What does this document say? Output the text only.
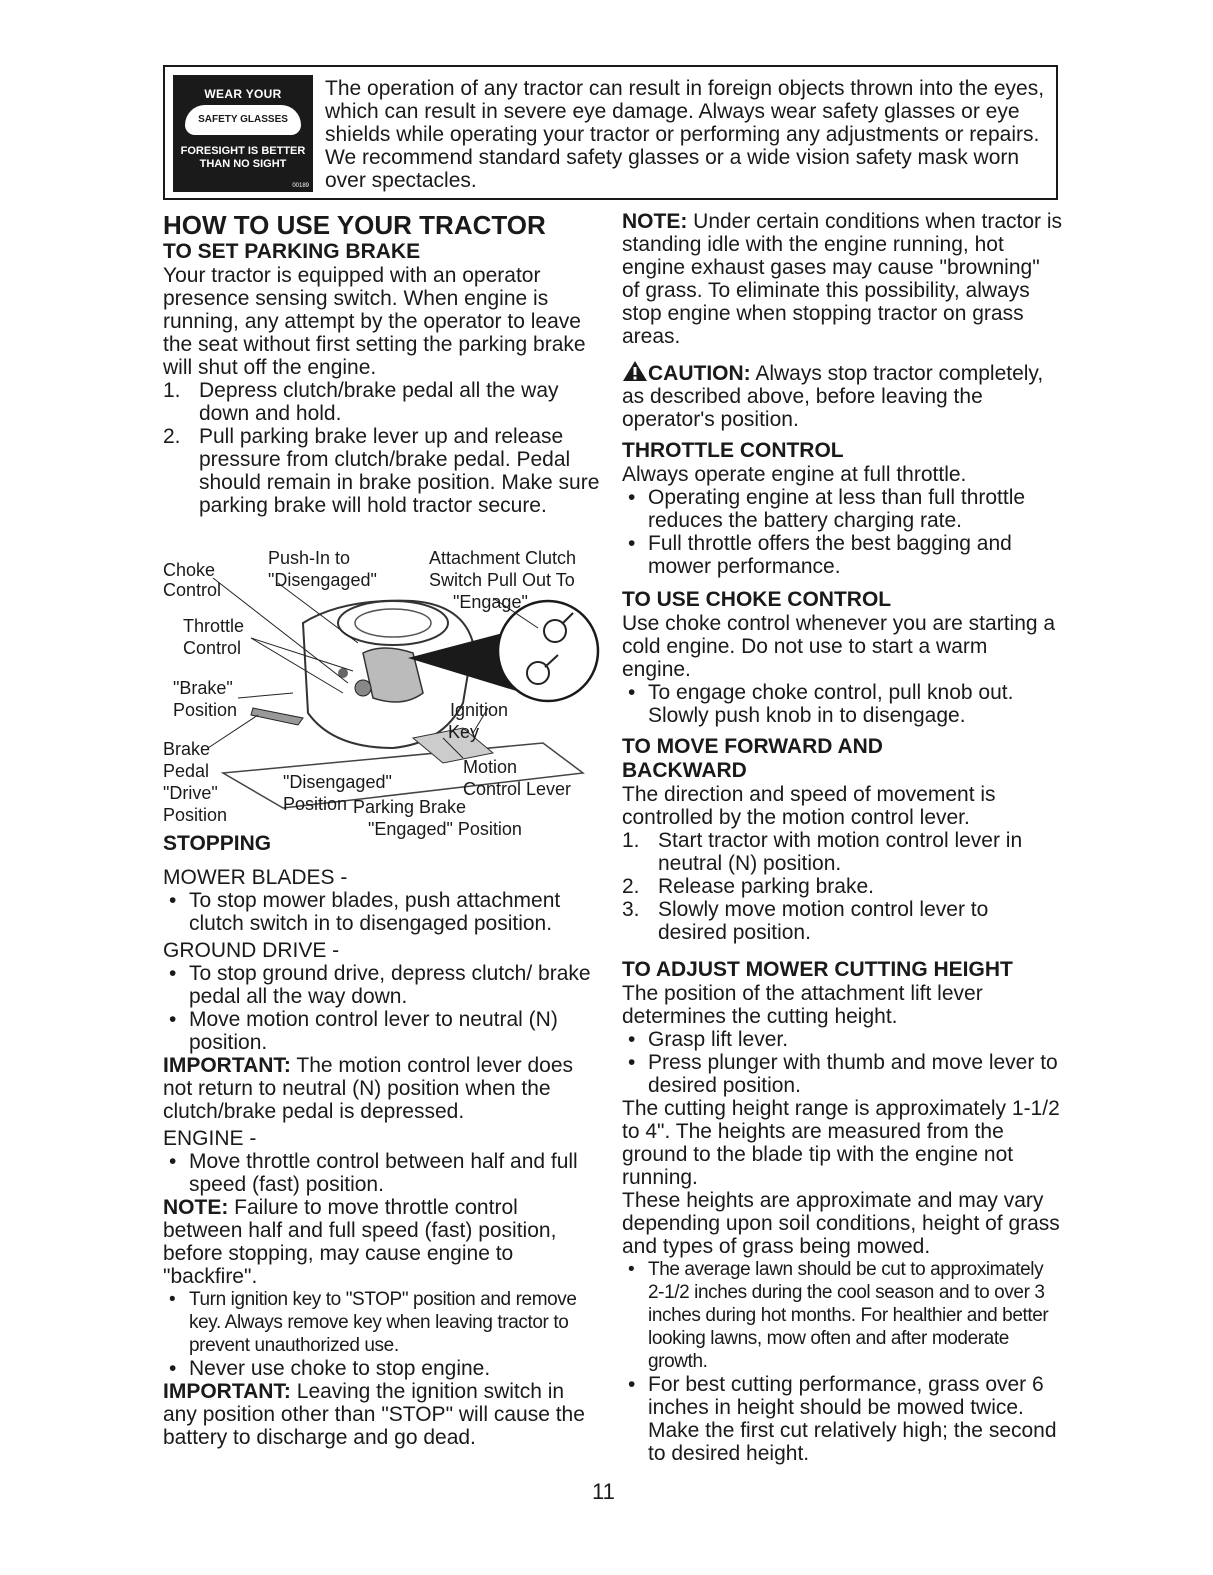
WEAR YOUR
SAFETY GLASSES
FORESIGHT IS BETTER
THAN NO SIGHT
00189

The operation of any tractor can result in foreign objects thrown into the eyes, which can result in severe eye damage. Always wear safety glasses or eye shields while operating your tractor or performing any adjustments or repairs. We recommend standard safety glasses or a wide vision safety mask worn over spectacles.

HOW TO USE YOUR TRACTOR
TO SET PARKING BRAKE

Your tractor is equipped with an operator presence sensing switch. When engine is running, any attempt by the operator to leave the seat without first setting the parking brake will shut off the engine.

1. Depress clutch/brake pedal all the way down and hold.
2. Pull parking brake lever up and release pressure from clutch/brake pedal. Pedal should remain in brake position. Make sure parking brake will hold tractor secure.
Choke
Control
Push-In to
"Disengaged"
Attachment Clutch
Switch Pull Out To
"Engage"
Throttle
Control
"Brake"
Position	Ignition
Key
Brake
Pedal
"Drive"
Position
"Disengaged"
Position
Motion
Control Lever
Parking Brake
"Engaged" Position
STOPPING

MOWER BLADES -

• To stop mower blades, push attachment clutch switch in to disengaged position.

GROUND DRIVE -

• To stop ground drive, depress clutch/ brake pedal all the way down.
• Move motion control lever to neutral (N) position.

IMPORTANT: The motion control lever does not return to neutral (N) position when the clutch/brake pedal is depressed.

ENGINE -

• Move throttle control between half and full speed (fast) position.

NOTE: Failure to move throttle control between half and full speed (fast) position, before stopping, may cause engine to "backfire".

• Turn ignition key to "STOP" position and remove key. Always remove key when leaving tractor to prevent unauthorized use.
• Never use choke to stop engine.

IMPORTANT: Leaving the ignition switch in any position other than "STOP" will cause the battery to discharge and go dead.

NOTE: Under certain conditions when tractor is standing idle with the engine running, hot engine exhaust gases may cause "browning" of grass. To eliminate this possibility, always stop engine when stopping tractor on grass areas.

CAUTION: Always stop tractor completely, as described above, before leaving the operator's position.

THROTTLE CONTROL

Always operate engine at full throttle.

• Operating engine at less than full throttle reduces the battery charging rate.
• Full throttle offers the best bagging and mower performance.
TO USE CHOKE CONTROL

Use choke control whenever you are starting a cold engine. Do not use to start a warm engine.

• To engage choke control, pull knob out. Slowly push knob in to disengage.
TO MOVE FORWARD AND
BACKWARD

The direction and speed of movement is controlled by the motion control lever.

1. Start tractor with motion control lever in neutral (N) position.
2. Release parking brake.
3. Slowly move motion control lever to desired position.
TO ADJUST MOWER CUTTING HEIGHT

The position of the attachment lift lever determines the cutting height.

• Grasp lift lever.
• Press plunger with thumb and move lever to desired position.

The cutting height range is approximately 1-1/2 to 4". The heights are measured from the ground to the blade tip with the engine not running.

These heights are approximate and may vary depending upon soil conditions, height of grass and types of grass being mowed.

• The average lawn should be cut to approximately 2-1/2 inches during the cool season and to over 3 inches during hot months. For healthier and better looking lawns, mow often and after moderate growth.
• For best cutting performance, grass over 6 inches in height should be mowed twice. Make the first cut relatively high; the second to desired height.
11
